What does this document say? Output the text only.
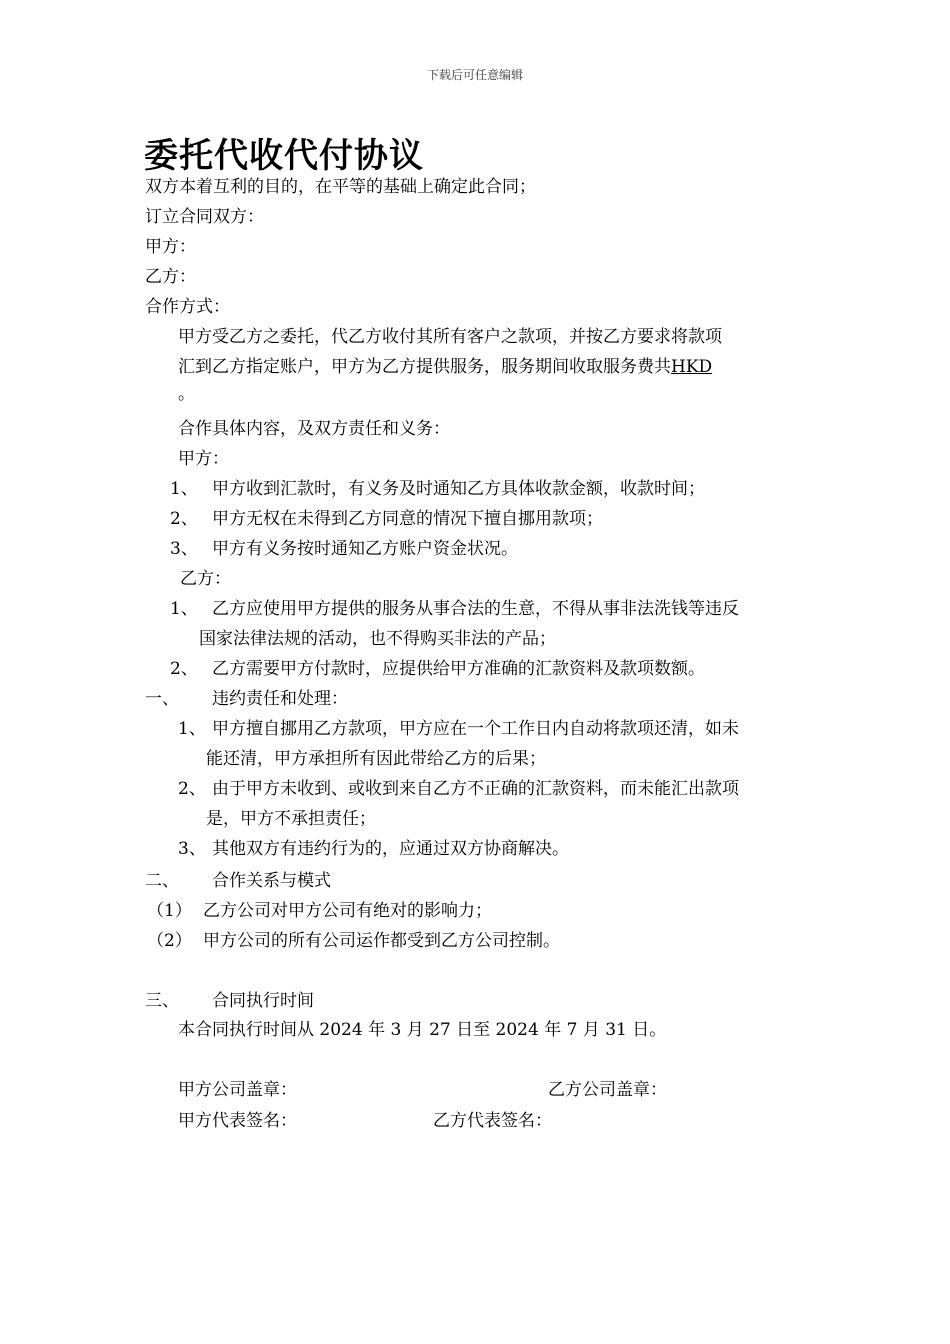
下载后可任意编辑
委托代收代付协议
双方本着互利的目的，在平等的基础上确定此合同；
订立合同双方：
甲方：
乙方：
合作方式：
甲方受乙方之委托，代乙方收付其所有客户之款项，并按乙方要求将款项
汇到乙方指定账户，甲方为乙方提供服务，服务期间收取服务费共HKD
。
合作具体内容，及双方责任和义务：
甲方：
1、 甲方收到汇款时，有义务及时通知乙方具体收款金额，收款时间；
2、 甲方无权在未得到乙方同意的情况下擅自挪用款项；
3、 甲方有义务按时通知乙方账户资金状况。
乙方：
1、 乙方应使用甲方提供的服务从事合法的生意，不得从事非法洗钱等违反
国家法律法规的活动，也不得购买非法的产品；
2、 乙方需要甲方付款时，应提供给甲方准确的汇款资料及款项数额。
一、 违约责任和处理：
1、 甲方擅自挪用乙方款项，甲方应在一个工作日内自动将款项还清，如未
能还清，甲方承担所有因此带给乙方的后果；
2、 由于甲方未收到、或收到来自乙方不正确的汇款资料，而未能汇出款项
是，甲方不承担责任；
3、 其他双方有违约行为的，应通过双方协商解决。
二、 合作关系与模式
（1） 乙方公司对甲方公司有绝对的影响力；
（2） 甲方公司的所有公司运作都受到乙方公司控制。
三、 合同执行时间
本合同执行时间从 2024 年 3 月 27 日至 2024 年 7 月 31 日。
甲方公司盖章：	乙方公司盖章：
甲方代表签名：	乙方代表签名：
